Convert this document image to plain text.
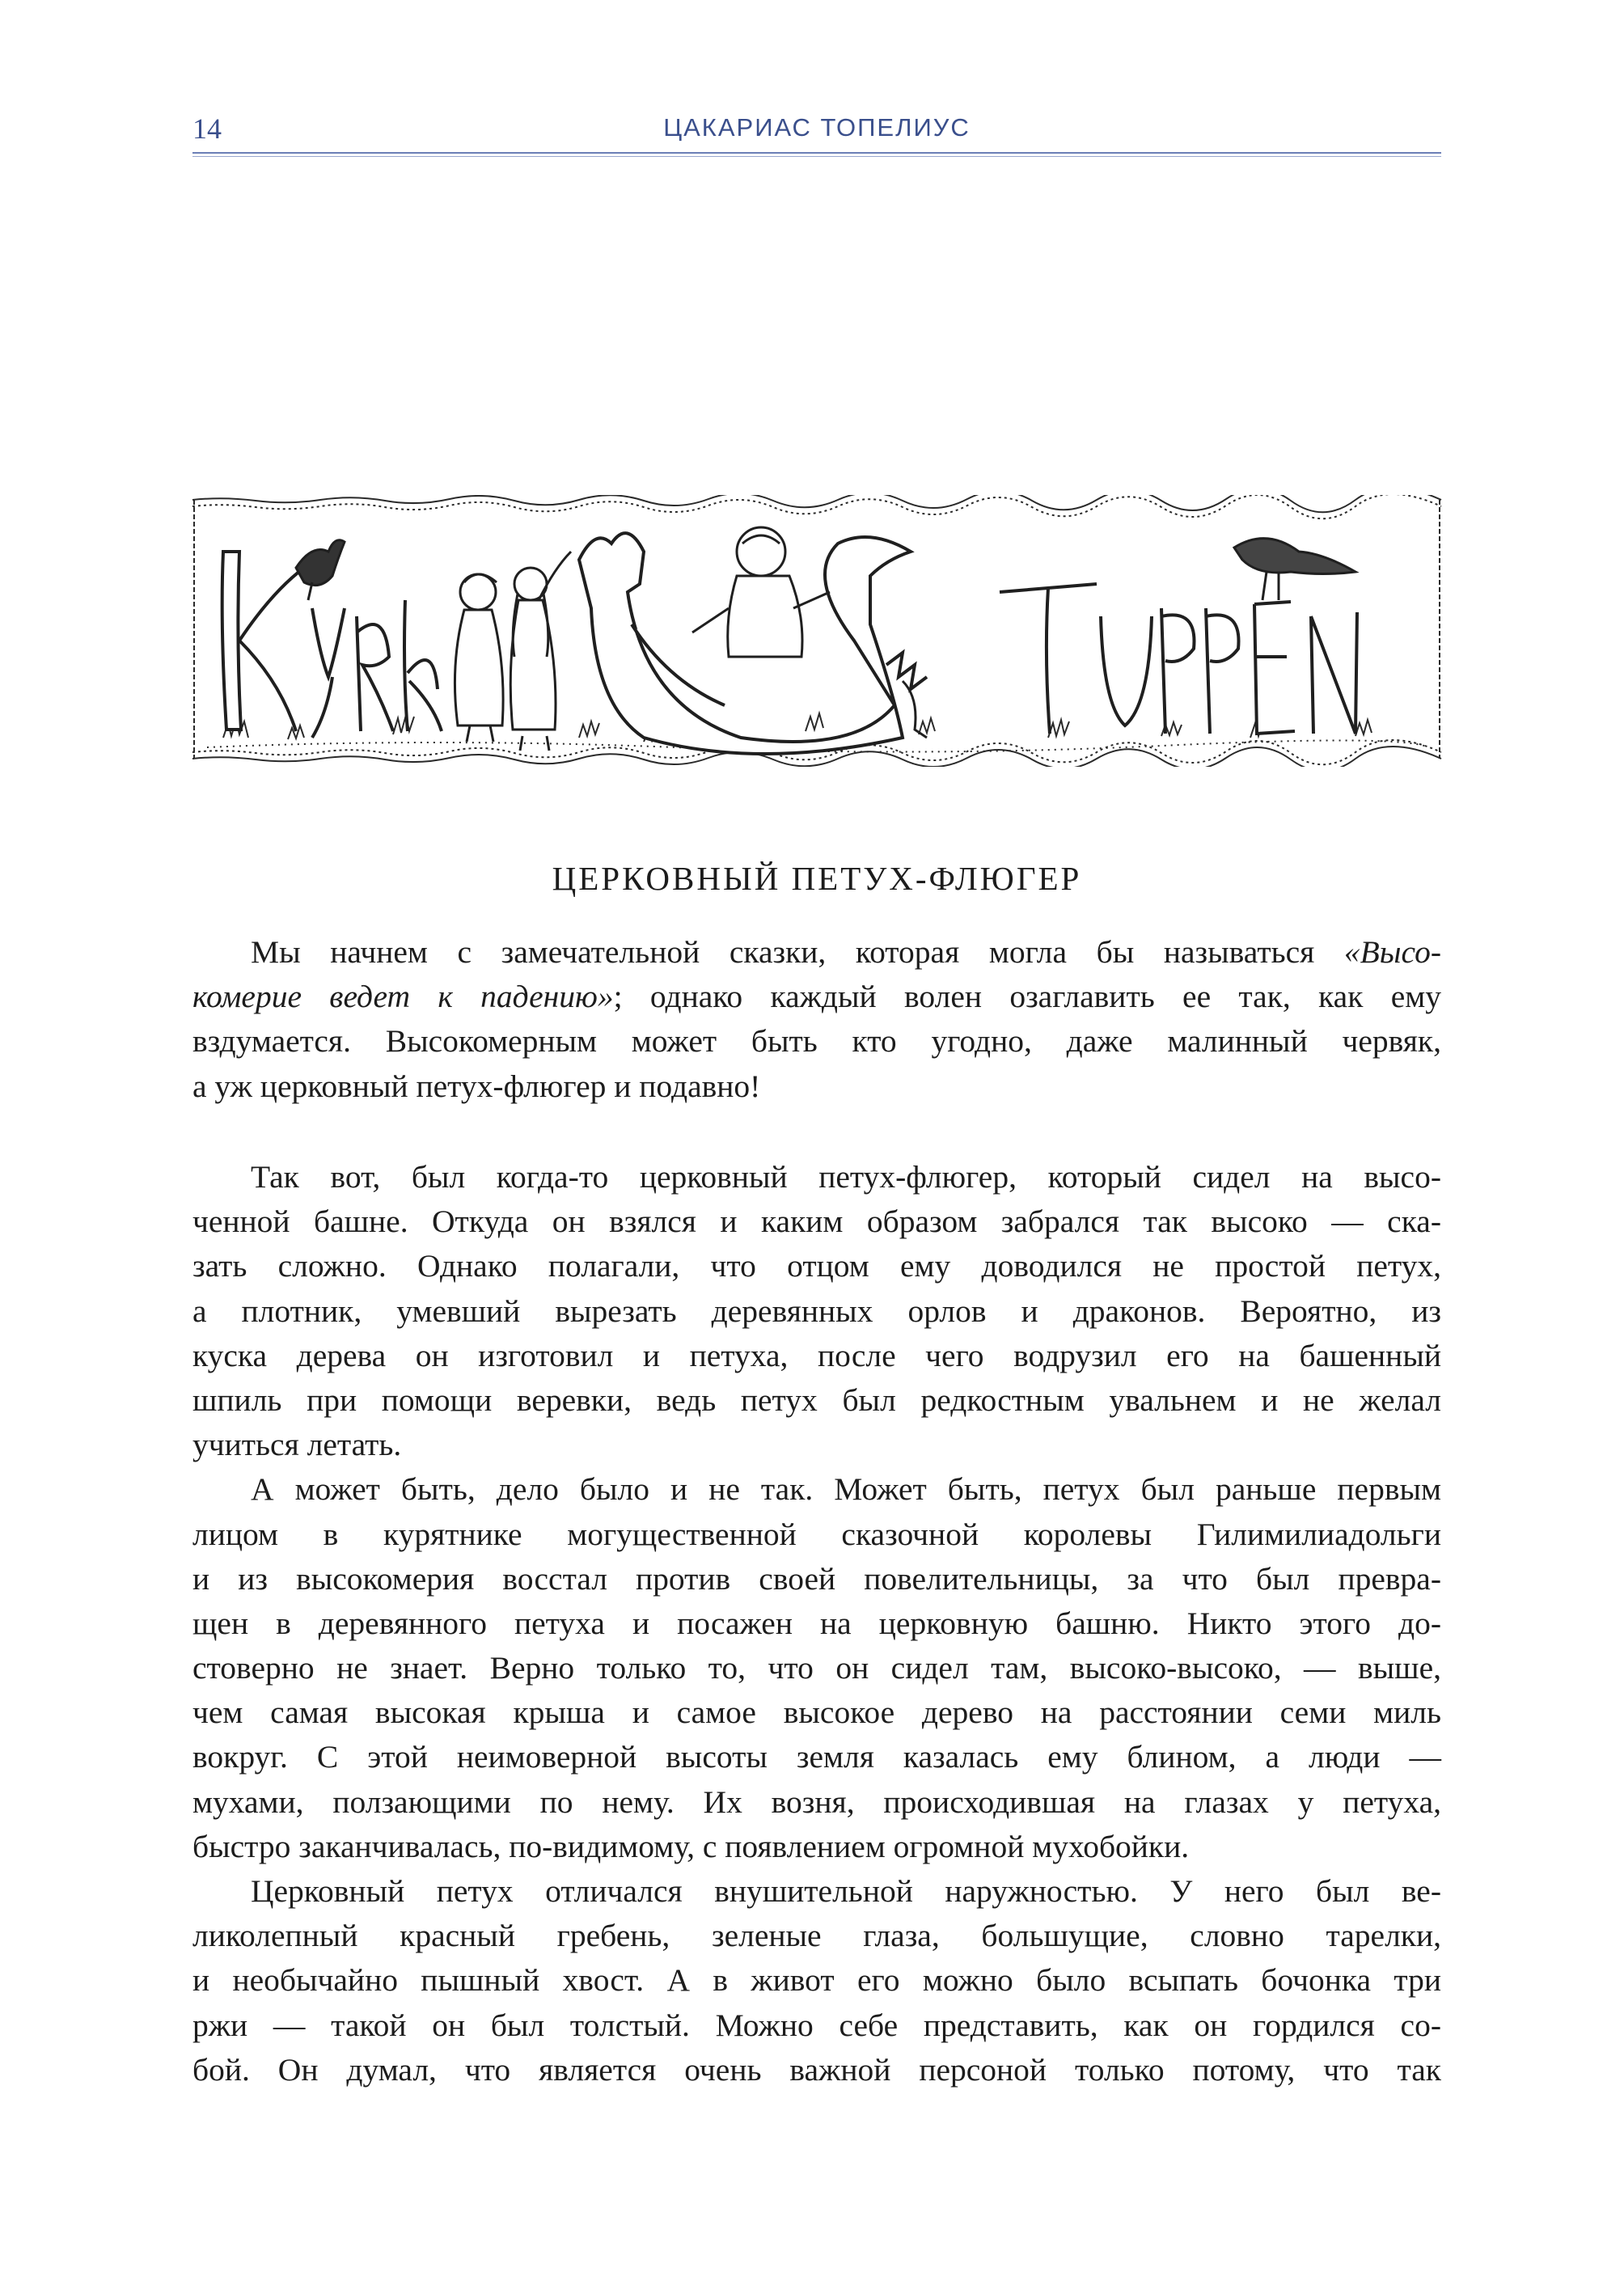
14	ЦАКАРИАС ТОПЕЛИУС
ЦЕРКОВНЫЙ ПЕТУХ-ФЛЮГЕР
Мы начнем с замечательной сказки, которая могла бы называться «Высо-
комерие ведет к падению»; однако каждый волен озаглавить ее так, как ему
вздумается. Высокомерным может быть кто угодно, даже малинный червяк,
а уж церковный петух-флюгер и подавно!
Так вот, был когда-то церковный петух-флюгер, который сидел на высо-
ченной башне. Откуда он взялся и каким образом забрался так высоко — ска-
зать сложно. Однако полагали, что отцом ему доводился не простой петух,
а плотник, умевший вырезать деревянных орлов и драконов. Вероятно, из
куска дерева он изготовил и петуха, после чего водрузил его на башенный
шпиль при помощи веревки, ведь петух был редкостным увальнем и не желал
учиться летать.
А может быть, дело было и не так. Может быть, петух был раньше первым
лицом в курятнике могущественной сказочной королевы Гилимилиадольги
и из высокомерия восстал против своей повелительницы, за что был превра-
щен в деревянного петуха и посажен на церковную башню. Никто этого до-
стоверно не знает. Верно только то, что он сидел там, высоко-высоко, — выше,
чем самая высокая крыша и самое высокое дерево на расстоянии семи миль
вокруг. С этой неимоверной высоты земля казалась ему блином, а люди —
мухами, ползающими по нему. Их возня, происходившая на глазах у петуха,
быстро заканчивалась, по-видимому, с появлением огромной мухобойки.
Церковный петух отличался внушительной наружностью. У него был ве-
ликолепный красный гребень, зеленые глаза, большущие, словно тарелки,
и необычайно пышный хвост. А в живот его можно было всыпать бочонка три
ржи — такой он был толстый. Можно себе представить, как он гордился со-
бой. Он думал, что является очень важной персоной только потому, что так
